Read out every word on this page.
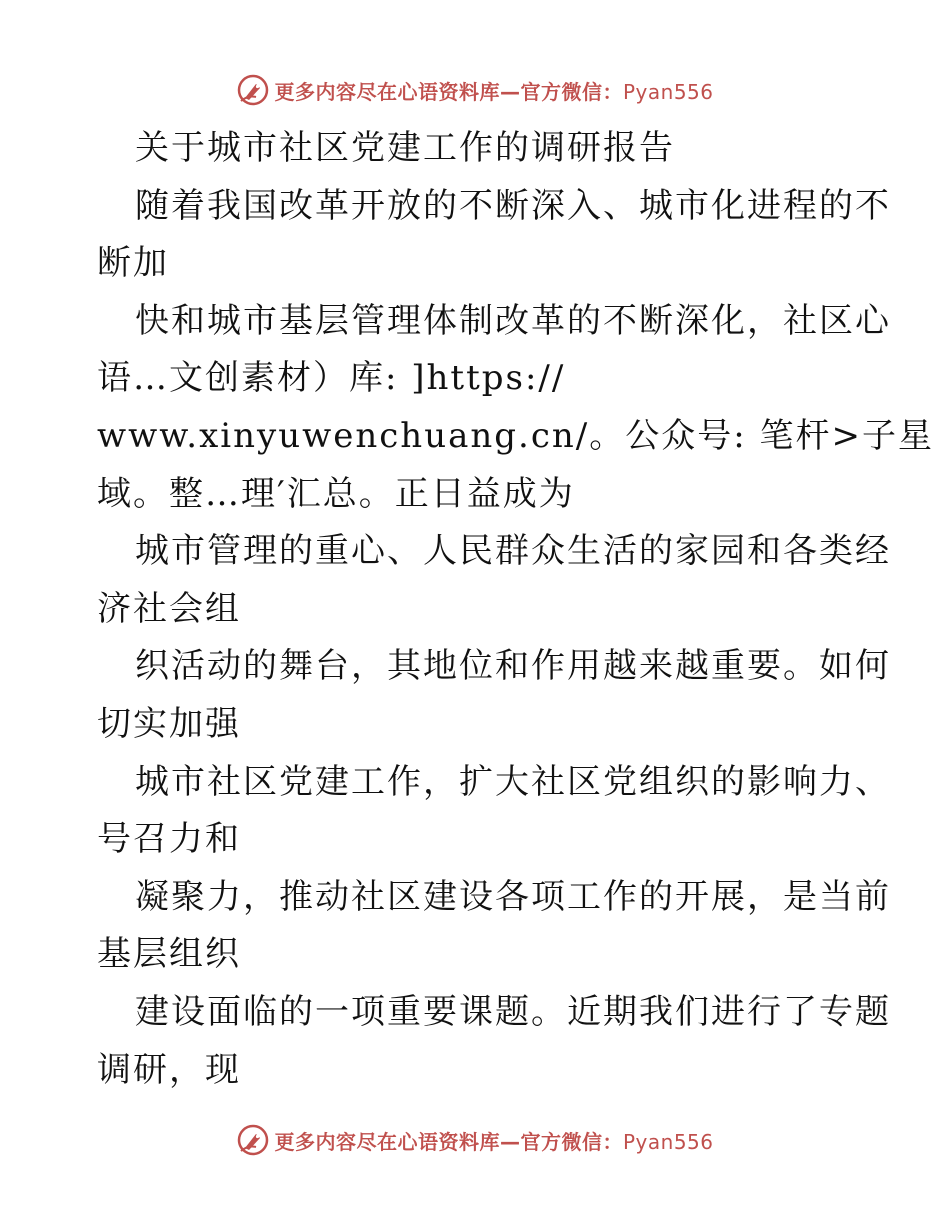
更多内容尽在心语资料库—官方微信：Pyan556
关于城市社区党建工作的调研报告
随着我国改革开放的不断深入、城市化进程的不
断加
快和城市基层管理体制改革的不断深化，社区心
语…文创素材）库: ]https://
www.xinyuwenchuang.cn/。公众号: 笔杆>子星
域。整…理′汇总。正日益成为
城市管理的重心、人民群众生活的家园和各类经
济社会组
织活动的舞台，其地位和作用越来越重要。如何
切实加强
城市社区党建工作，扩大社区党组织的影响力、
号召力和
凝聚力，推动社区建设各项工作的开展，是当前
基层组织
建设面临的一项重要课题。近期我们进行了专题
调研，现
更多内容尽在心语资料库—官方微信：Pyan556
